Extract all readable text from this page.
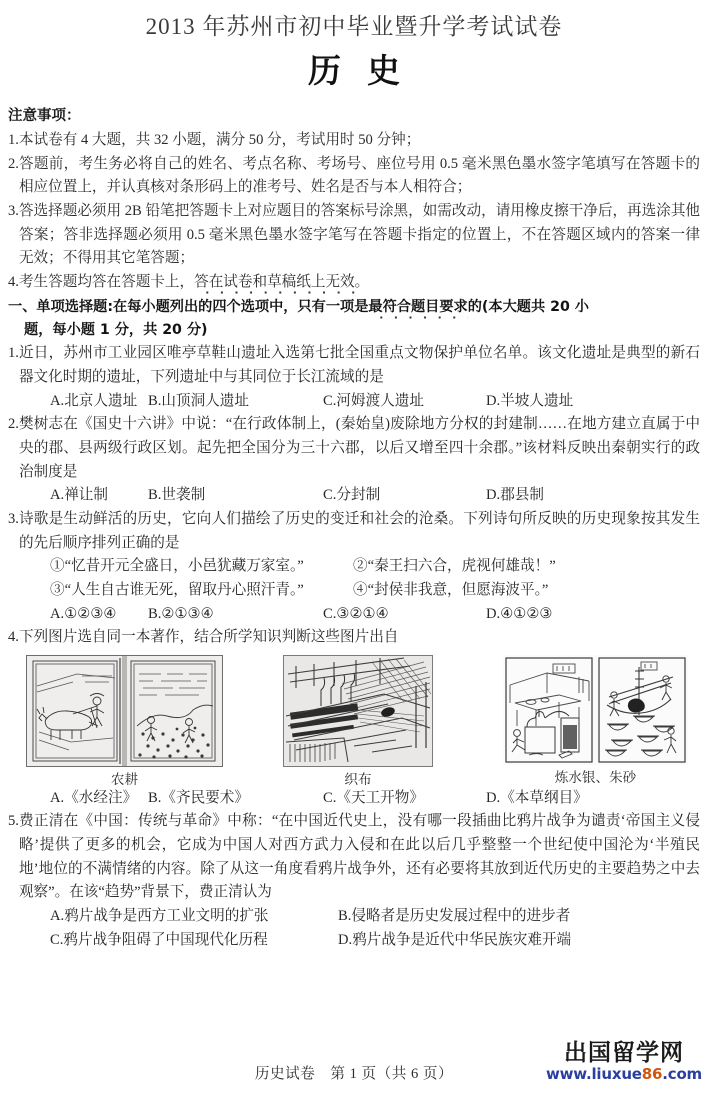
2013 年苏州市初中毕业暨升学考试试卷
历史
注意事项：
1. 本试卷有 4 大题，共 32 小题，满分 50 分，考试用时 50 分钟；
2. 答题前，考生务必将自己的姓名、考点名称、考场号、座位号用 0.5 毫米黑色墨水签字笔填写在答题卡的相应位置上，并认真核对条形码上的准考号、姓名是否与本人相符合；
3. 答选择题必须用 2B 铅笔把答题卡上对应题目的答案标号涂黑，如需改动，请用橡皮擦干净后，再选涂其他答案；答非选择题必须用 0.5 毫米黑色墨水签字笔写在答题卡指定的位置上，不在答题区域内的答案一律无效；不得用其它笔答题；
4. 考生答题均答在答题卡上，答在试卷和草稿纸上无效。
一、单项选择题:在每小题列出的四个选项中，只有一项是最符合题目要求的(本大题共 20 小
题，每小题 1 分，共 20 分)
1. 近日，苏州市工业园区唯亭草鞋山遗址入选第七批全国重点文物保护单位名单。该文化遗址是典型的新石器文化时期的遗址，下列遗址中与其同位于长江流域的是
A.北京人遗址 B.山顶洞人遗址	C.河姆渡人遗址	D.半坡人遗址
2. 樊树志在《国史十六讲》中说：“在行政体制上，(秦始皇)废除地方分权的封建制……在地方建立直属于中央的郡、县两级行政区划。起先把全国分为三十六郡，以后又增至四十余郡。”该材料反映出秦朝实行的政治制度是
A.禅让制	B.世袭制	C.分封制	D.郡县制
3. 诗歌是生动鲜活的历史，它向人们描绘了历史的变迁和社会的沧桑。下列诗句所反映的历史现象按其发生的先后顺序排列正确的是
①“忆昔开元全盛日，小邑犹藏万家室。”	②“秦王扫六合，虎视何雄哉！”
③“人生自古谁无死，留取丹心照汗青。”	④“封侯非我意，但愿海波平。”
A.①②③④	B.②①③④	C.③②①④	D.④①②③
4. 下列图片选自同一本著作，结合所学知识判断这些图片出自
农耕	织布	炼水银、朱砂
A.《水经注》 B.《齐民要术》	C.《天工开物》	D.《本草纲目》
5. 费正清在《中国：传统与革命》中称：“在中国近代史上，没有哪一段插曲比鸦片战争为谴责‘帝国主义侵略’提供了更多的机会，它成为中国人对西方武力入侵和在此以后几乎整整一个世纪使中国沦为‘半殖民地’地位的不满情绪的内容。除了从这一角度看鸦片战争外，还有必要将其放到近代历史的主要趋势之中去观察”。在该“趋势”背景下，费正清认为
A.鸦片战争是西方工业文明的扩张	B.侵略者是历史发展过程中的进步者
C.鸦片战争阻碍了中国现代化历程	D.鸦片战争是近代中华民族灾难开端
历史试卷　第 1 页（共 6 页）
出国留学网
www.liuxue86.com
